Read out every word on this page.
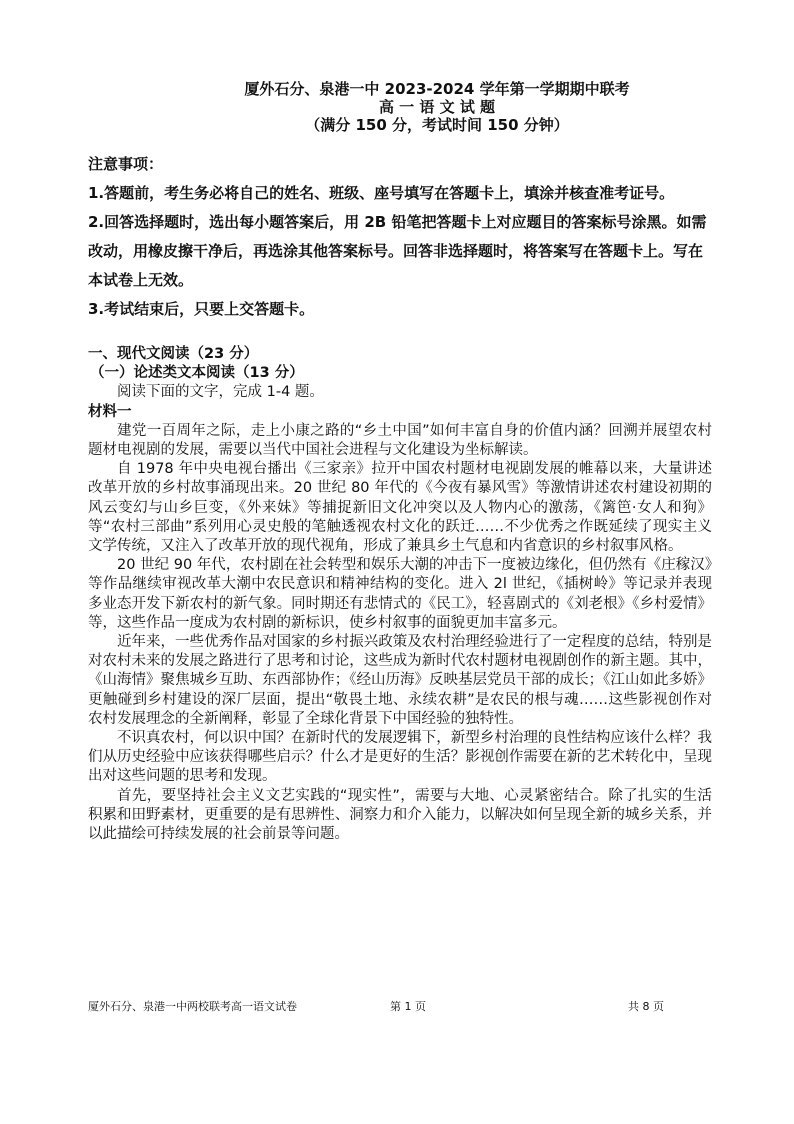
厦外石分、泉港一中 2023-2024 学年第一学期期中联考
高 一 语 文 试 题
（满分 150 分，考试时间 150 分钟）

注意事项：

1.答题前，考生务必将自己的姓名、班级、座号填写在答题卡上，填涂并核查准考证号。

2.回答选择题时，选出每小题答案后，用 2B 铅笔把答题卡上对应题目的答案标号涂黑。如需改动，用橡皮擦干净后，再选涂其他答案标号。回答非选择题时，将答案写在答题卡上。写在本试卷上无效。

3.考试结束后，只要上交答题卡。

一、现代文阅读（23 分）

（一）论述类文本阅读（13 分）

阅读下面的文字，完成 1-4 题。

材料一

建党一百周年之际，走上小康之路的“乡土中国”如何丰富自身的价值内涵？回溯并展望农村题材电视剧的发展，需要以当代中国社会进程与文化建设为坐标解读。

自 1978 年中央电视台播出《三家亲》拉开中国农村题材电视剧发展的帷幕以来，大量讲述改革开放的乡村故事涌现出来。20 世纪 80 年代的《今夜有暴风雪》等激情讲述农村建设初期的风云变幻与山乡巨变，《外来妹》等捕捉新旧文化冲突以及人物内心的激荡，《篱笆·女人和狗》等“农村三部曲”系列用心灵史般的笔触透视农村文化的跃迁……不少优秀之作既延续了现实主义文学传统，又注入了改革开放的现代视角，形成了兼具乡土气息和内省意识的乡村叙事风格。

20 世纪 90 年代，农村剧在社会转型和娱乐大潮的冲击下一度被边缘化，但仍然有《庄稼汉》等作品继续审视改革大潮中农民意识和精神结构的变化。进入 2l 世纪，《插树岭》等记录并表现多业态开发下新农村的新气象。同时期还有悲情式的《民工》，轻喜剧式的《刘老根》《乡村爱情》等，这些作品一度成为农村剧的新标识，使乡村叙事的面貌更加丰富多元。

近年来，一些优秀作品对国家的乡村振兴政策及农村治理经验进行了一定程度的总结，特别是对农村未来的发展之路进行了思考和讨论，这些成为新时代农村题材电视剧创作的新主题。其中，《山海情》聚焦城乡互助、东西部协作；《经山历海》反映基层党员干部的成长；《江山如此多娇》更触碰到乡村建设的深厂层面，提出“敬畏土地、永续农耕”是农民的根与魂……这些影视创作对农村发展理念的全新阐释，彰显了全球化背景下中国经验的独特性。

不识真农村，何以识中国？在新时代的发展逻辑下，新型乡村治理的良性结构应该什么样？我们从历史经验中应该获得哪些启示？什么才是更好的生活？影视创作需要在新的艺术转化中，呈现出对这些问题的思考和发现。

首先，要坚持社会主义文艺实践的“现实性”，需要与大地、心灵紧密结合。除了扎实的生活积累和田野素材，更重要的是有思辨性、洞察力和介入能力，以解决如何呈现全新的城乡关系，并以此描绘可持续发展的社会前景等问题。

厦外石分、泉港一中两校联考高一语文试卷	第 1 页	共 8 页
